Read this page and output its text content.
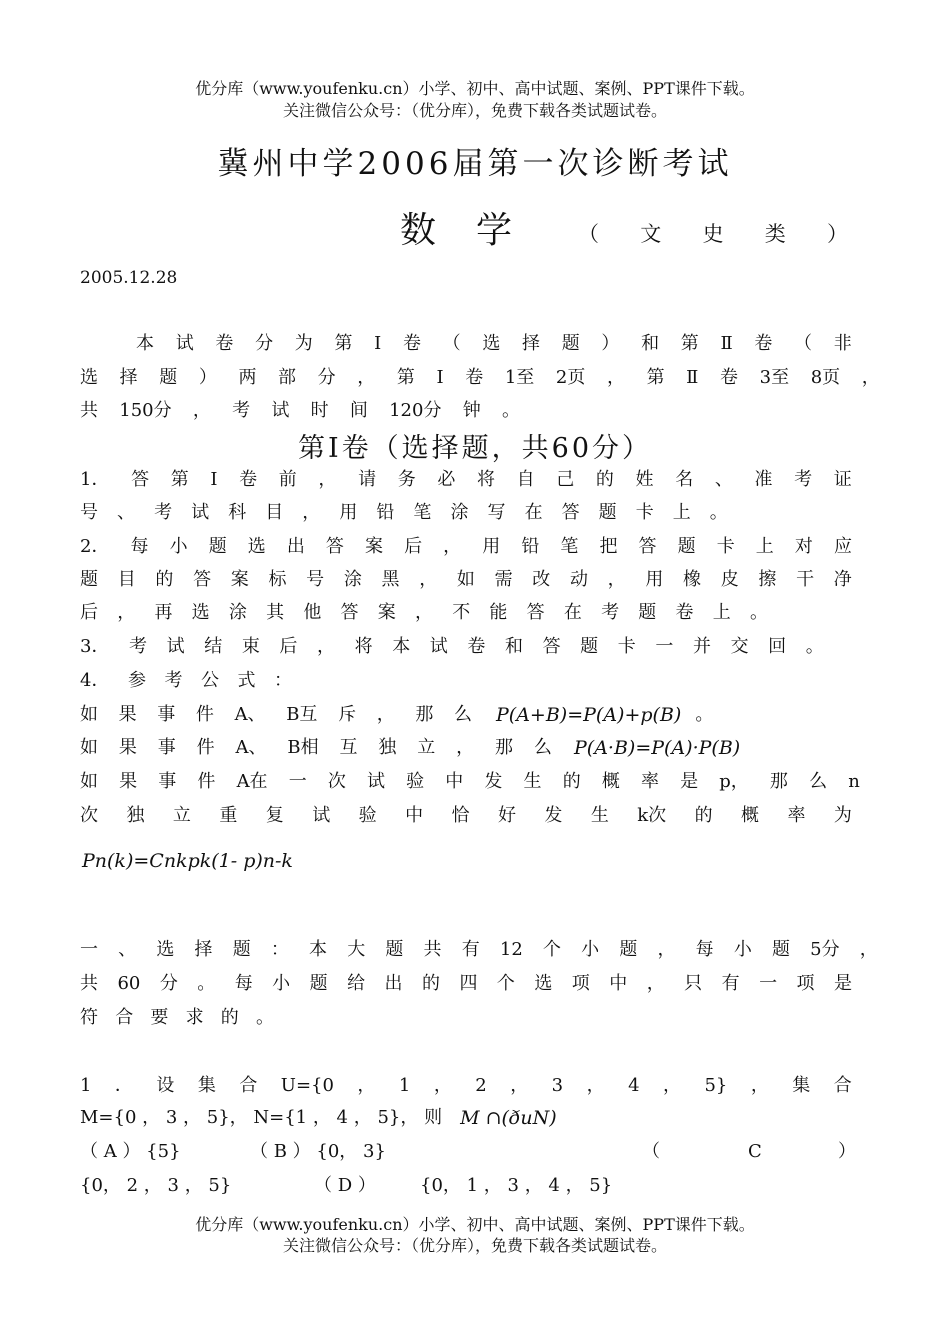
优分库（www.youfenku.cn）小学、初中、高中试题、案例、PPT课件下载。
关注微信公众号：（优分库），免费下载各类试题试卷。
冀州中学2006届第一次诊断考试
数学 （ 文 史 类 ）
2005.12.28
本 试 卷 分 为 第 Ⅰ 卷 （ 选 择 题 ） 和 第 Ⅱ 卷 （ 非
选 择 题 ） 两 部 分 ， 第 Ⅰ 卷 1至 2页 ， 第 Ⅱ 卷 3至 8页 ，
共 150分 ， 考 试 时 间 120分 钟 。
第Ⅰ卷（选择题，共60分）
1． 答 第 Ⅰ 卷 前 ， 请 务 必 将 自 己 的 姓 名 、 准 考 证
号 、 考 试 科 目 ， 用 铅 笔 涂 写 在 答 题 卡 上 。
2． 每 小 题 选 出 答 案 后 ， 用 铅 笔 把 答 题 卡 上 对 应
题 目 的 答 案 标 号 涂 黑 ， 如 需 改 动 ， 用 橡 皮 擦 干 净
后 ， 再 选 涂 其 他 答 案 ， 不 能 答 在 考 题 卷 上 。
3． 考 试 结 束 后 ， 将 本 试 卷 和 答 题 卡 一 并 交 回 。
4． 参 考 公 式 ：
如 果 事 件 A、 B互 斥 ， 那 么 P(A+B)=P(A)+p(B) 。
如 果 事 件 A、 B相 互 独 立 ， 那 么 P(A·B)=P(A)·P(B)
如 果 事 件 A在 一 次 试 验 中 发 生 的 概 率 是 p， 那 么 n
次 独 立 重 复 试 验 中 恰 好 发 生 k次 的 概 率 为
Pn(k)=Cnkpk(1- p)n-k
一 、 选 择 题 ： 本 大 题 共 有 12 个 小 题 ， 每 小 题 5分 ，
共 60 分 。 每 小 题 给 出 的 四 个 选 项 中 ， 只 有 一 项 是
符 合 要 求 的 。
1 ． 设 集 合 U={0 ， 1 ， 2 ， 3 ， 4 ， 5} ， 集 合
M={0 ， 3 ， 5}， N={1 ， 4 ， 5}， 则 M ∩(ðuN)
（ A ） {5}	（ B ） {0， 3}	（	C	）
{0， 2 ， 3 ， 5}	（ D ）	{0， 1 ， 3 ， 4 ， 5}
优分库（www.youfenku.cn）小学、初中、高中试题、案例、PPT课件下载。
关注微信公众号：（优分库），免费下载各类试题试卷。
